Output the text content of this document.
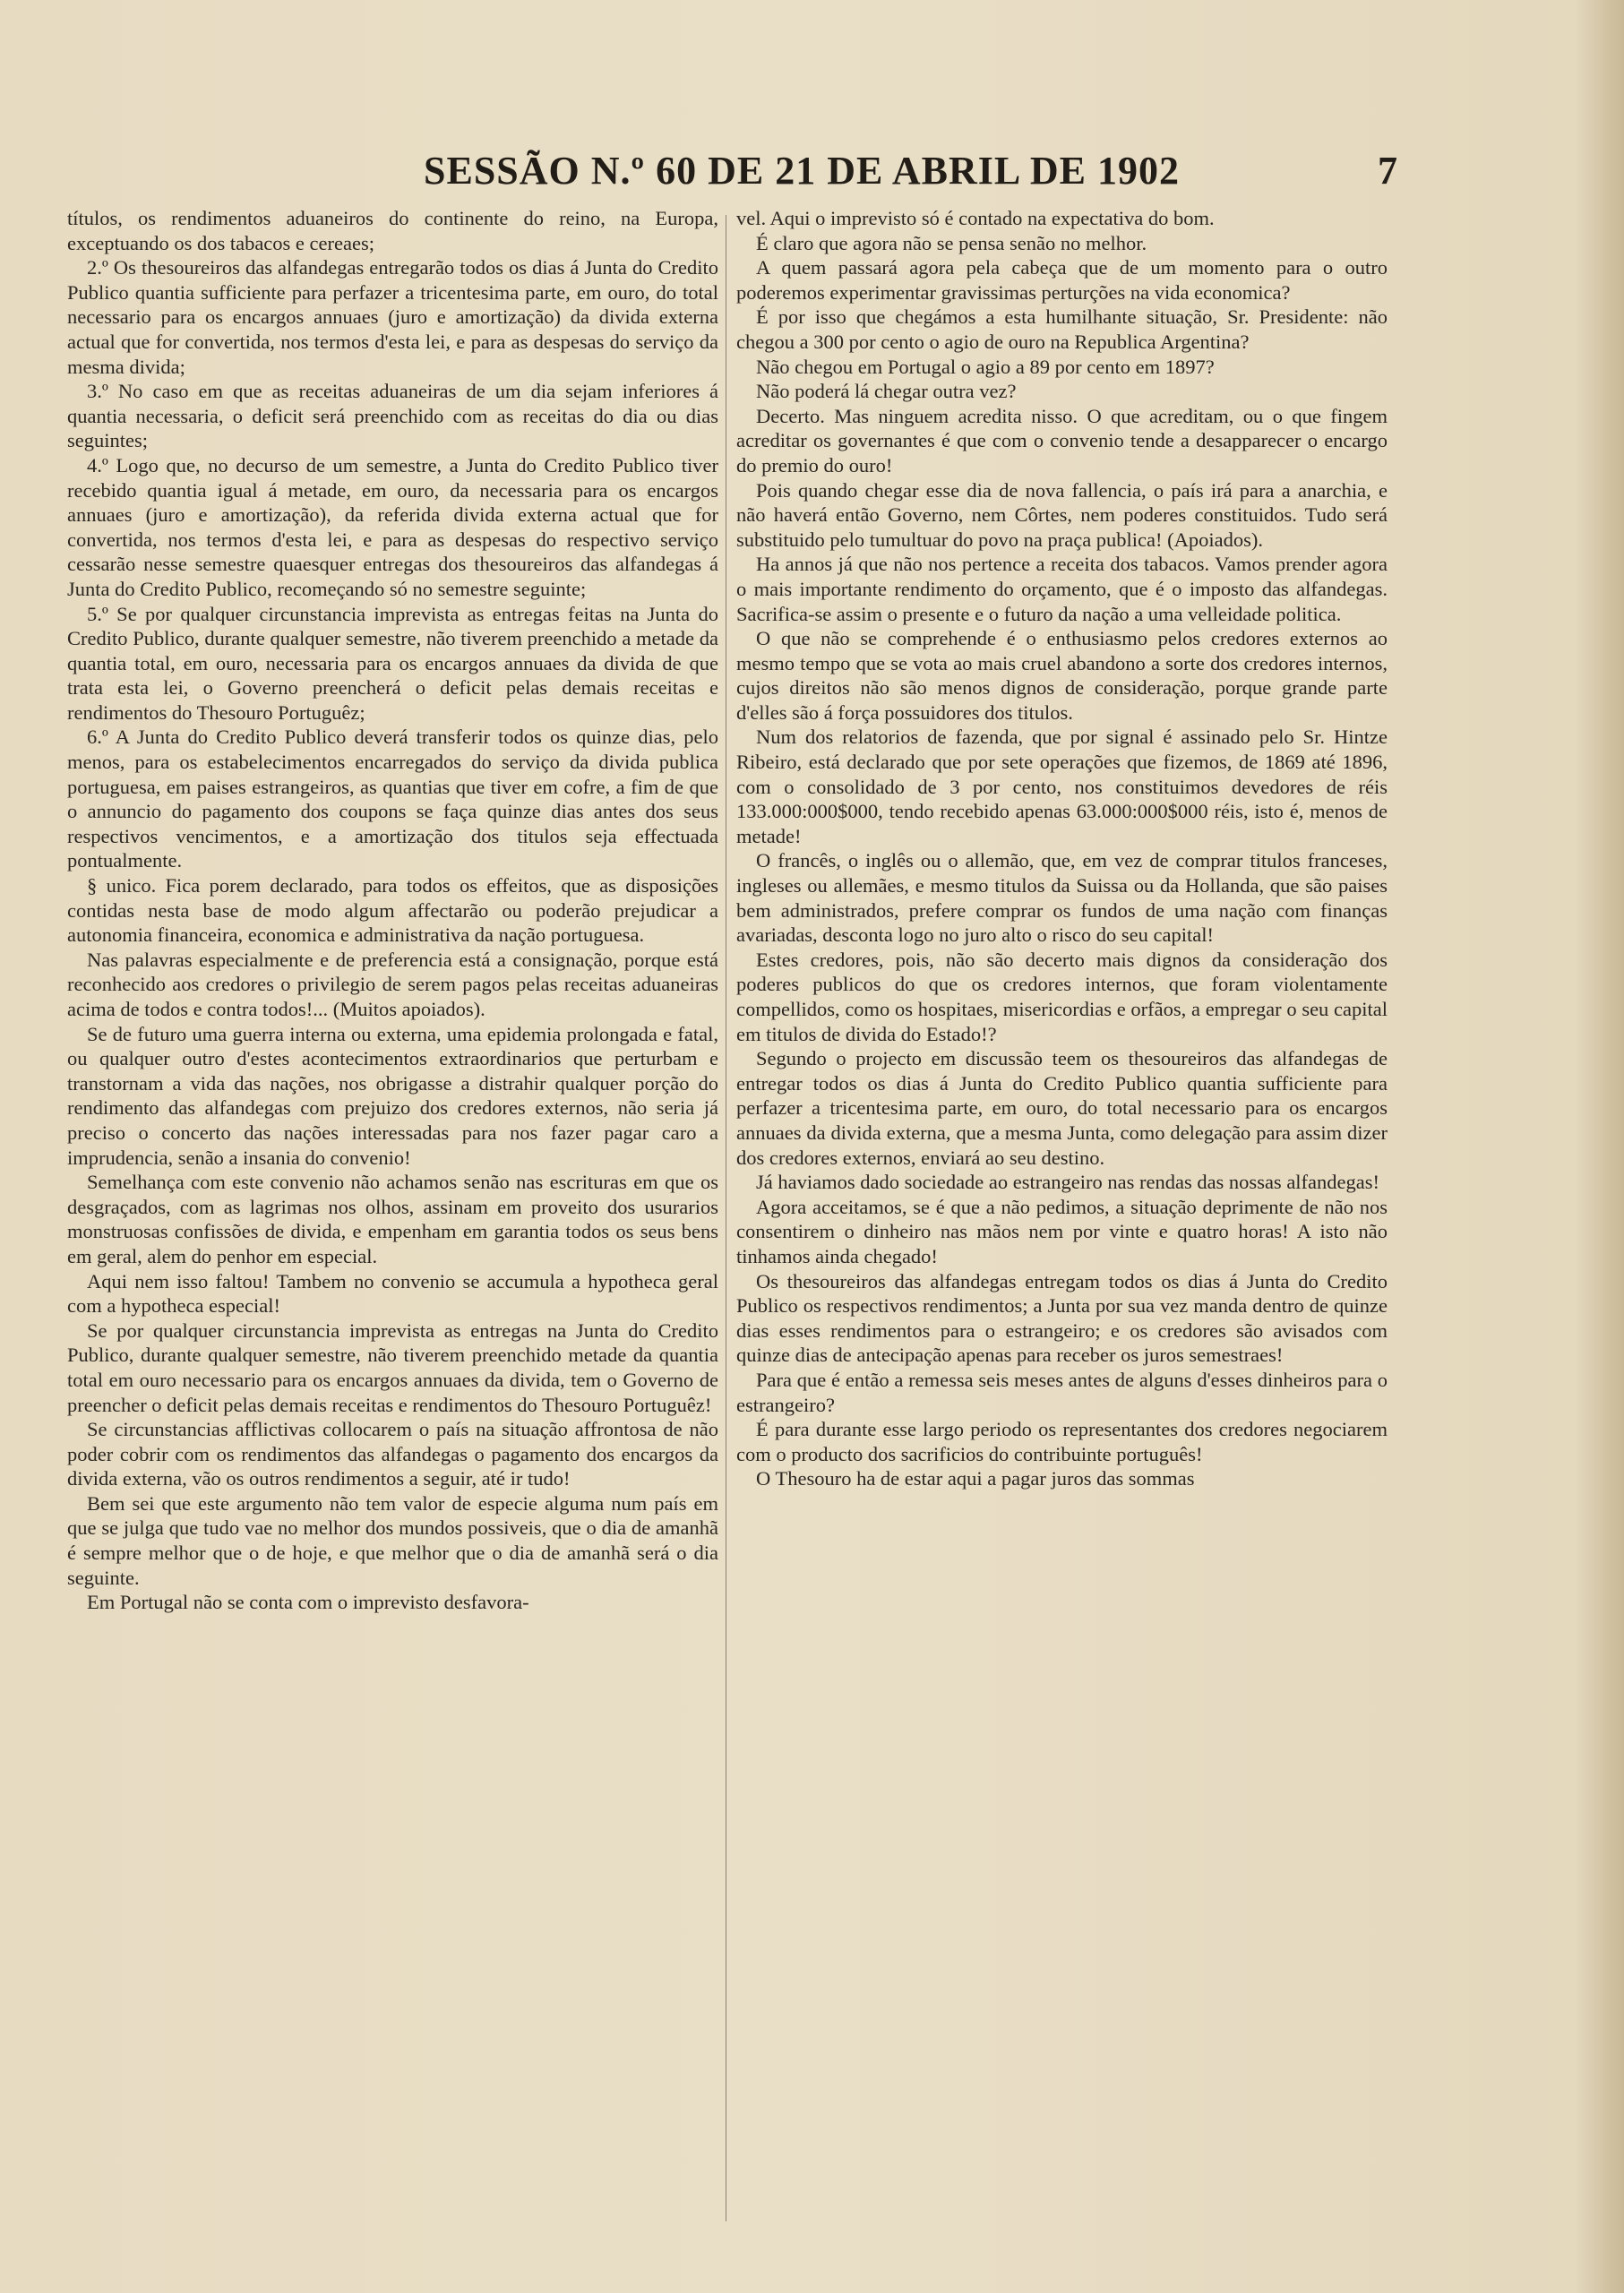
SESSÃO N.º 60 DE 21 DE ABRIL DE 1902	7

títulos, os rendimentos aduaneiros do continente do reino, na Europa, exceptuando os dos tabacos e cereaes;

2.º Os thesoureiros das alfandegas entregarão todos os dias á Junta do Credito Publico quantia sufficiente para perfazer a tricentesima parte, em ouro, do total necessario para os encargos annuaes (juro e amortização) da divida externa actual que for convertida, nos termos d'esta lei, e para as despesas do serviço da mesma divida;

3.º No caso em que as receitas aduaneiras de um dia sejam inferiores á quantia necessaria, o deficit será preenchido com as receitas do dia ou dias seguintes;

4.º Logo que, no decurso de um semestre, a Junta do Credito Publico tiver recebido quantia igual á metade, em ouro, da necessaria para os encargos annuaes (juro e amortização), da referida divida externa actual que for convertida, nos termos d'esta lei, e para as despesas do respectivo serviço cessarão nesse semestre quaesquer entregas dos thesoureiros das alfandegas á Junta do Credito Publico, recomeçando só no semestre seguinte;

5.º Se por qualquer circunstancia imprevista as entregas feitas na Junta do Credito Publico, durante qualquer semestre, não tiverem preenchido a metade da quantia total, em ouro, necessaria para os encargos annuaes da divida de que trata esta lei, o Governo preencherá o deficit pelas demais receitas e rendimentos do Thesouro Portuguêz;

6.º A Junta do Credito Publico deverá transferir todos os quinze dias, pelo menos, para os estabelecimentos encarregados do serviço da divida publica portuguesa, em paises estrangeiros, as quantias que tiver em cofre, a fim de que o annuncio do pagamento dos coupons se faça quinze dias antes dos seus respectivos vencimentos, e a amortização dos titulos seja effectuada pontualmente.

§ unico. Fica porem declarado, para todos os effeitos, que as disposições contidas nesta base de modo algum affectarão ou poderão prejudicar a autonomia financeira, economica e administrativa da nação portuguesa.

Nas palavras especialmente e de preferencia está a consignação, porque está reconhecido aos credores o privilegio de serem pagos pelas receitas aduaneiras acima de todos e contra todos!... (Muitos apoiados).

Se de futuro uma guerra interna ou externa, uma epidemia prolongada e fatal, ou qualquer outro d'estes acontecimentos extraordinarios que perturbam e transtornam a vida das nações, nos obrigasse a distrahir qualquer porção do rendimento das alfandegas com prejuizo dos credores externos, não seria já preciso o concerto das nações interessadas para nos fazer pagar caro a imprudencia, senão a insania do convenio!

Semelhança com este convenio não achamos senão nas escrituras em que os desgraçados, com as lagrimas nos olhos, assinam em proveito dos usurarios monstruosas confissões de divida, e empenham em garantia todos os seus bens em geral, alem do penhor em especial.

Aqui nem isso faltou! Tambem no convenio se accumula a hypotheca geral com a hypotheca especial!

Se por qualquer circunstancia imprevista as entregas na Junta do Credito Publico, durante qualquer semestre, não tiverem preenchido metade da quantia total em ouro necessario para os encargos annuaes da divida, tem o Governo de preencher o deficit pelas demais receitas e rendimentos do Thesouro Portuguêz!

Se circunstancias afflictivas collocarem o país na situação affrontosa de não poder cobrir com os rendimentos das alfandegas o pagamento dos encargos da divida externa, vão os outros rendimentos a seguir, até ir tudo!

Bem sei que este argumento não tem valor de especie alguma num país em que se julga que tudo vae no melhor dos mundos possiveis, que o dia de amanhã é sempre melhor que o de hoje, e que melhor que o dia de amanhã será o dia seguinte.

Em Portugal não se conta com o imprevisto desfavora-

vel. Aqui o imprevisto só é contado na expectativa do bom.

É claro que agora não se pensa senão no melhor.

A quem passará agora pela cabeça que de um momento para o outro poderemos experimentar gravissimas perturções na vida economica?

É por isso que chegámos a esta humilhante situação, Sr. Presidente: não chegou a 300 por cento o agio de ouro na Republica Argentina?

Não chegou em Portugal o agio a 89 por cento em 1897?

Não poderá lá chegar outra vez?

Decerto. Mas ninguem acredita nisso. O que acreditam, ou o que fingem acreditar os governantes é que com o convenio tende a desapparecer o encargo do premio do ouro!

Pois quando chegar esse dia de nova fallencia, o país irá para a anarchia, e não haverá então Governo, nem Côrtes, nem poderes constituidos. Tudo será substituido pelo tumultuar do povo na praça publica! (Apoiados).

Ha annos já que não nos pertence a receita dos tabacos. Vamos prender agora o mais importante rendimento do orçamento, que é o imposto das alfandegas. Sacrifica-se assim o presente e o futuro da nação a uma velleidade politica.

O que não se comprehende é o enthusiasmo pelos credores externos ao mesmo tempo que se vota ao mais cruel abandono a sorte dos credores internos, cujos direitos não são menos dignos de consideração, porque grande parte d'elles são á força possuidores dos titulos.

Num dos relatorios de fazenda, que por signal é assinado pelo Sr. Hintze Ribeiro, está declarado que por sete operações que fizemos, de 1869 até 1896, com o consolidado de 3 por cento, nos constituimos devedores de réis 133.000:000$000, tendo recebido apenas 63.000:000$000 réis, isto é, menos de metade!

O francês, o inglês ou o allemão, que, em vez de comprar titulos franceses, ingleses ou allemães, e mesmo titulos da Suissa ou da Hollanda, que são paises bem administrados, prefere comprar os fundos de uma nação com finanças avariadas, desconta logo no juro alto o risco do seu capital!

Estes credores, pois, não são decerto mais dignos da consideração dos poderes publicos do que os credores internos, que foram violentamente compellidos, como os hospitaes, misericordias e orfãos, a empregar o seu capital em titulos de divida do Estado!?

Segundo o projecto em discussão teem os thesoureiros das alfandegas de entregar todos os dias á Junta do Credito Publico quantia sufficiente para perfazer a tricentesima parte, em ouro, do total necessario para os encargos annuaes da divida externa, que a mesma Junta, como delegação para assim dizer dos credores externos, enviará ao seu destino.

Já haviamos dado sociedade ao estrangeiro nas rendas das nossas alfandegas!

Agora acceitamos, se é que a não pedimos, a situação deprimente de não nos consentirem o dinheiro nas mãos nem por vinte e quatro horas! A isto não tinhamos ainda chegado!

Os thesoureiros das alfandegas entregam todos os dias á Junta do Credito Publico os respectivos rendimentos; a Junta por sua vez manda dentro de quinze dias esses rendimentos para o estrangeiro; e os credores são avisados com quinze dias de antecipação apenas para receber os juros semestraes!

Para que é então a remessa seis meses antes de alguns d'esses dinheiros para o estrangeiro?

É para durante esse largo periodo os representantes dos credores negociarem com o producto dos sacrificios do contribuinte português!

O Thesouro ha de estar aqui a pagar juros das sommas
